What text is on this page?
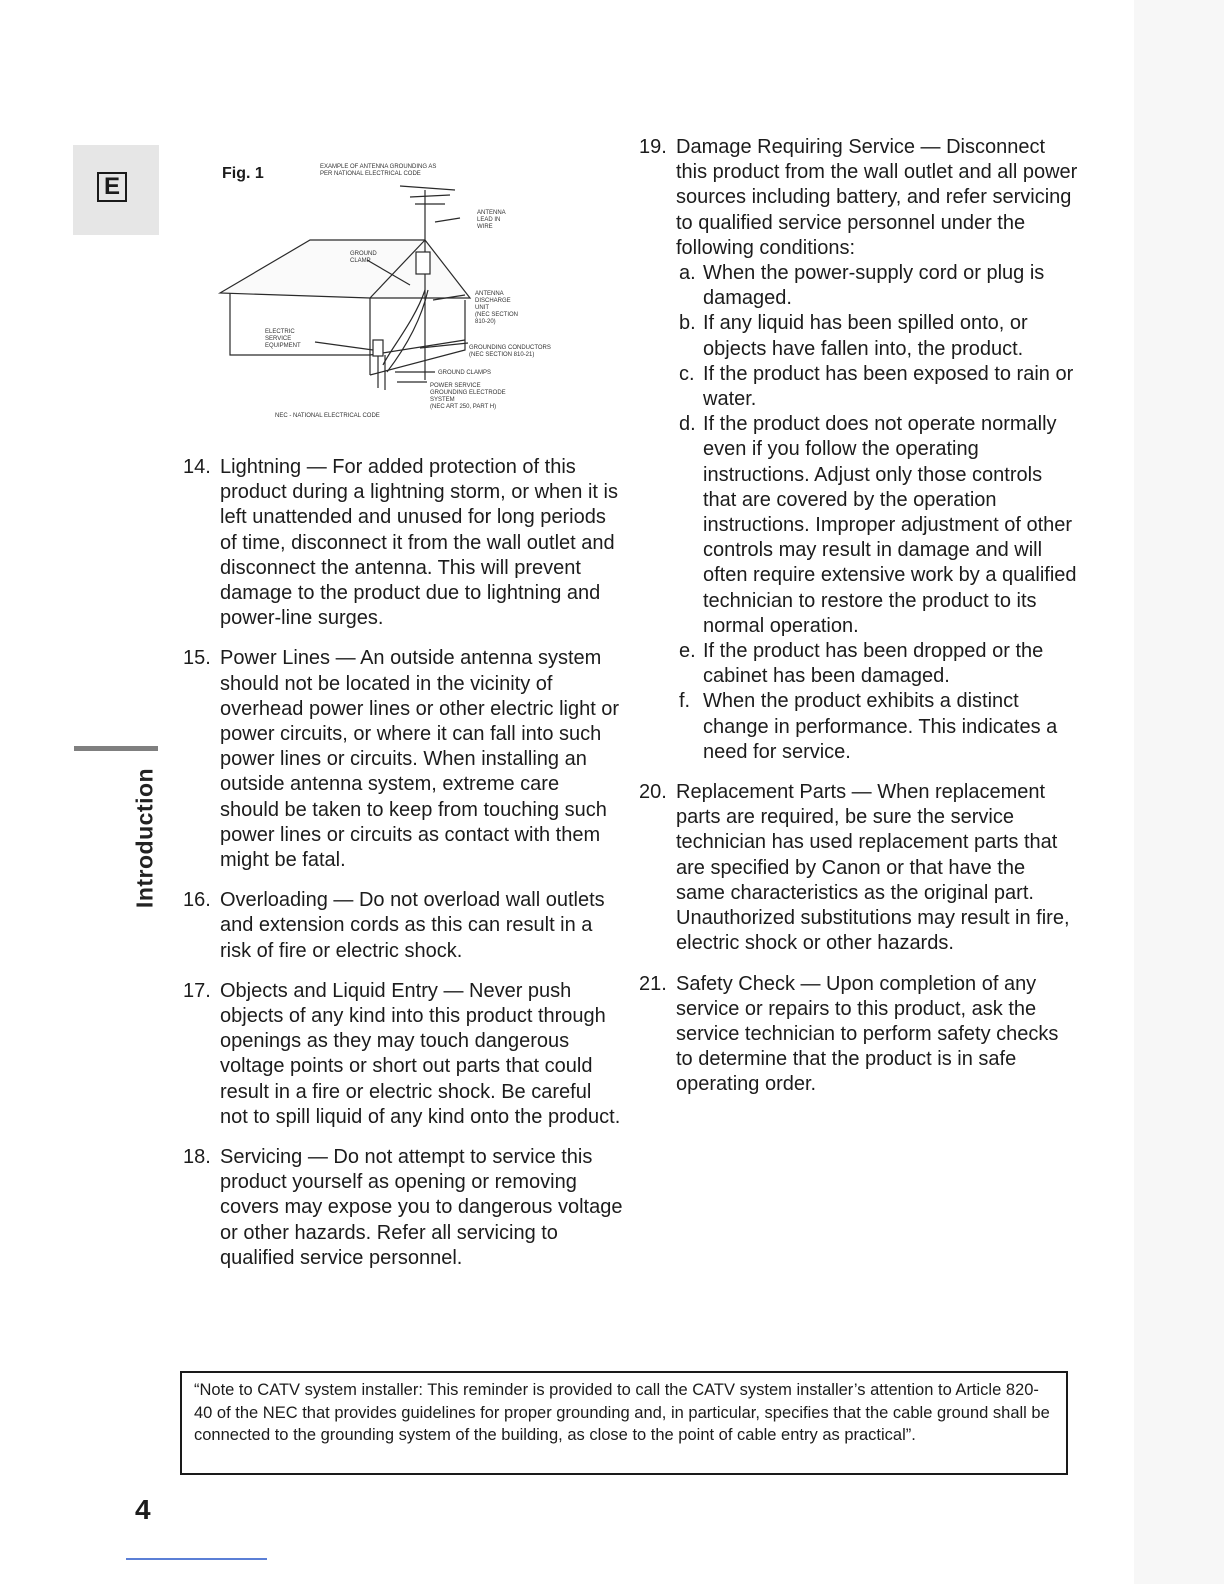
E
Introduction
Fig. 1	EXAMPLE OF ANTENNA GROUNDING AS
PER NATIONAL ELECTRICAL CODE
ANTENNA
LEAD IN
WIRE
GROUND
CLAMP
ANTENNA
DISCHARGE
UNIT
(NEC SECTION
810-20)
ELECTRIC
SERVICE
EQUIPMENT	GROUNDING CONDUCTORS
(NEC SECTION 810-21)
GROUND CLAMPS
POWER SERVICE
GROUNDING ELECTRODE
SYSTEM
(NEC ART 250, PART H)
NEC - NATIONAL ELECTRICAL CODE
14. Lightning — For added protection of this product during a lightning storm, or when it is left unattended and unused for long periods of time, disconnect it from the wall outlet and disconnect the antenna. This will prevent damage to the product due to lightning and power-line surges.
15. Power Lines — An outside antenna system should not be located in the vicinity of overhead power lines or other electric light or power circuits, or where it can fall into such power lines or circuits. When installing an outside antenna system, extreme care should be taken to keep from touching such power lines or circuits as contact with them might be fatal.
16. Overloading — Do not overload wall outlets and extension cords as this can result in a risk of fire or electric shock.
17. Objects and Liquid Entry — Never push objects of any kind into this product through openings as they may touch dangerous voltage points or short out parts that could result in a fire or electric shock. Be careful not to spill liquid of any kind onto the product.
18. Servicing — Do not attempt to service this product yourself as opening or removing covers may expose you to dangerous voltage or other hazards. Refer all servicing to qualified service personnel.
19. Damage Requiring Service — Disconnect this product from the wall outlet and all power sources including battery, and refer servicing to qualified service personnel under the following conditions:
a. When the power-supply cord or plug is damaged.
b. If any liquid has been spilled onto, or objects have fallen into, the product.
c. If the product has been exposed to rain or water.
d. If the product does not operate normally even if you follow the operating instructions. Adjust only those controls that are covered by the operation instructions. Improper adjustment of other controls may result in damage and will often require extensive work by a qualified technician to restore the product to its normal operation.
e. If the product has been dropped or the cabinet has been damaged.
f. When the product exhibits a distinct change in performance. This indicates a need for service.
20. Replacement Parts — When replacement parts are required, be sure the service technician has used replacement parts that are specified by Canon or that have the same characteristics as the original part. Unauthorized substitutions may result in fire, electric shock or other hazards.
21. Safety Check — Upon completion of any service or repairs to this product, ask the service technician to perform safety checks to determine that the product is in safe operating order.
“Note to CATV system installer: This reminder is provided to call the CATV system installer’s attention to Article 820-40 of the NEC that provides guidelines for proper grounding and, in particular, specifies that the cable ground shall be connected to the grounding system of the building, as close to the point of cable entry as practical”.
4
